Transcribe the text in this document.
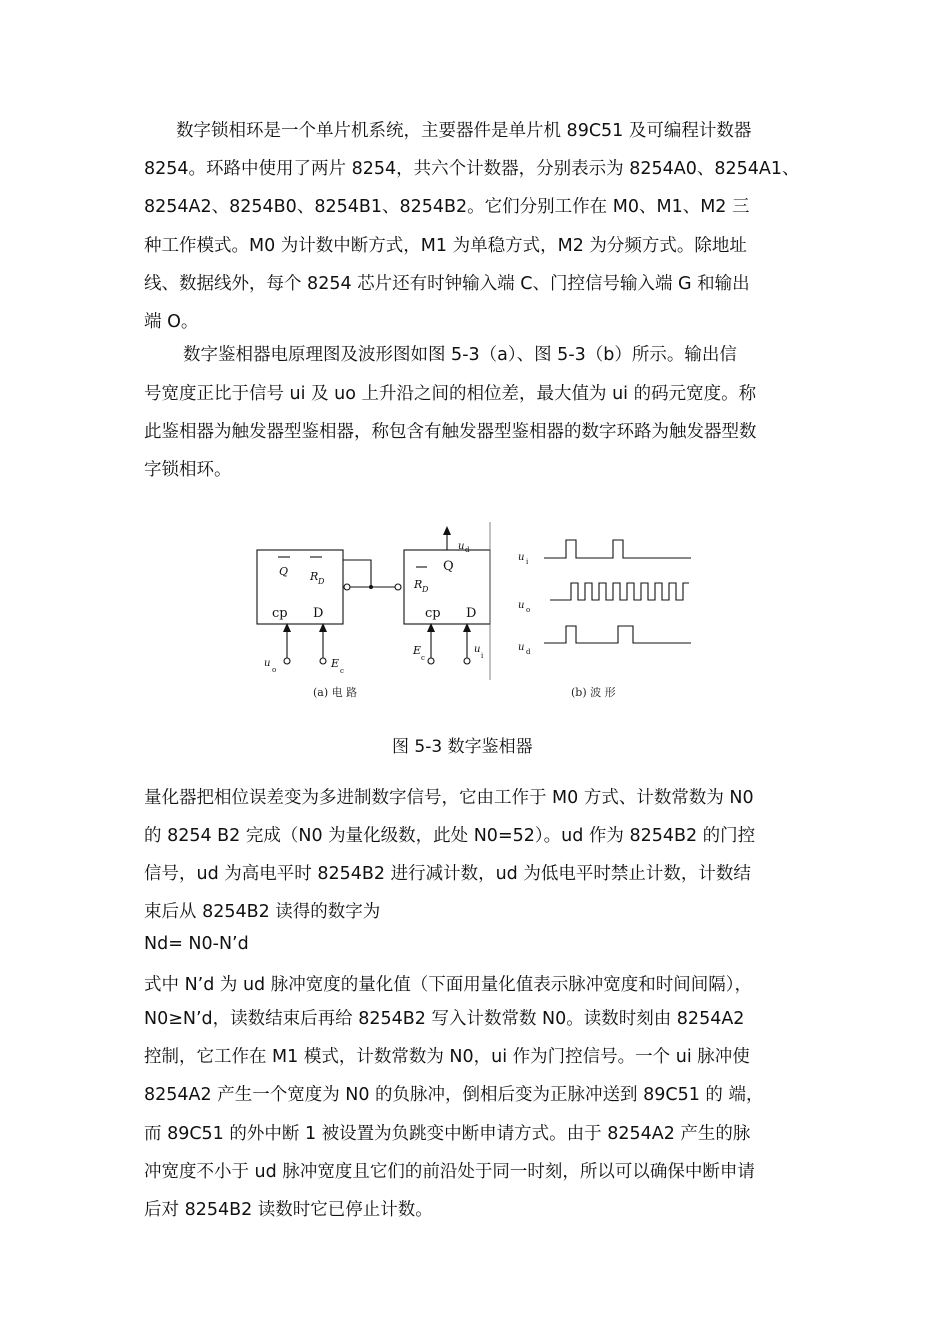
数字锁相环是一个单片机系统，主要器件是单片机 89C51 及可编程计数器
8254。环路中使用了两片 8254，共六个计数器，分别表示为 8254A0、8254A1、
8254A2、8254B0、8254B1、8254B2。它们分别工作在 M0、M1、M2 三
种工作模式。M0 为计数中断方式，M1 为单稳方式，M2 为分频方式。除地址
线、数据线外，每个 8254 芯片还有时钟输入端 C、门控信号输入端 G 和输出
端 O。
数字鉴相器电原理图及波形图如图 5-3（a）、图 5-3（b）所示。输出信
号宽度正比于信号 ui 及 uo 上升沿之间的相位差，最大值为 ui 的码元宽度。称
此鉴相器为触发器型鉴相器，称包含有触发器型鉴相器的数字环路为触发器型数
字锁相环。
Q R D
cp D
Q
R D
cp D
u d
u
o	E
c
E
c
u
i
u i
u o
u d
(a) 电 路	(b) 波 形
图 5-3 数字鉴相器
量化器把相位误差变为多进制数字信号，它由工作于 M0 方式、计数常数为 N0
的 8254 B2 完成（N0 为量化级数，此处 N0=52）。ud 作为 8254B2 的门控
信号，ud 为高电平时 8254B2 进行减计数，ud 为低电平时禁止计数，计数结
束后从 8254B2 读得的数字为
Nd= N0-N’d
式中 N’d 为 ud 脉冲宽度的量化值（下面用量化值表示脉冲宽度和时间间隔），
N0≥N’d，读数结束后再给 8254B2 写入计数常数 N0。读数时刻由 8254A2
控制，它工作在 M1 模式，计数常数为 N0，ui 作为门控信号。一个 ui 脉冲使
8254A2 产生一个宽度为 N0 的负脉冲，倒相后变为正脉冲送到 89C51 的 端，
而 89C51 的外中断 1 被设置为负跳变中断申请方式。由于 8254A2 产生的脉
冲宽度不小于 ud 脉冲宽度且它们的前沿处于同一时刻，所以可以确保中断申请
后对 8254B2 读数时它已停止计数。
